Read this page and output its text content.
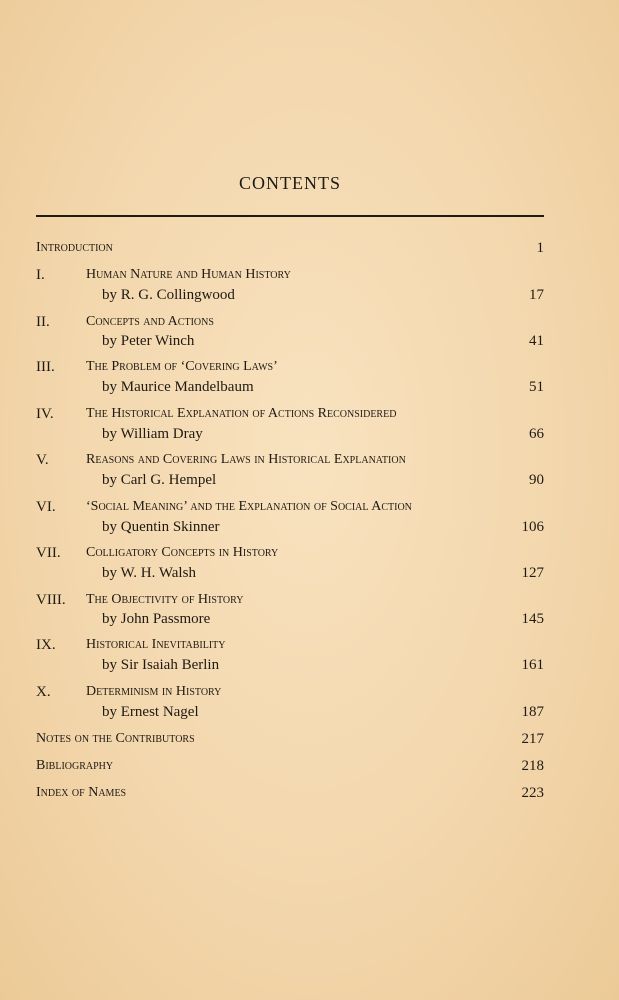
CONTENTS
Introduction	1
I.	Human Nature and Human History
by R. G. Collingwood	17
II.	Concepts and Actions
by Peter Winch	41
III. The Problem of ‘Covering Laws’
by Maurice Mandelbaum	51
IV. The Historical Explanation of Actions Reconsidered
by William Dray	66
V.	Reasons and Covering Laws in Historical Explanation
by Carl G. Hempel	90
VI. ‘Social Meaning’ and the Explanation of Social Action
by Quentin Skinner	106
VII. Colligatory Concepts in History
by W. H. Walsh	127
VIII. The Objectivity of History
by John Passmore	145
IX. Historical Inevitability
by Sir Isaiah Berlin	161
X.	Determinism in History
by Ernest Nagel	187
Notes on the Contributors	217
Bibliography	218
Index of Names	223
